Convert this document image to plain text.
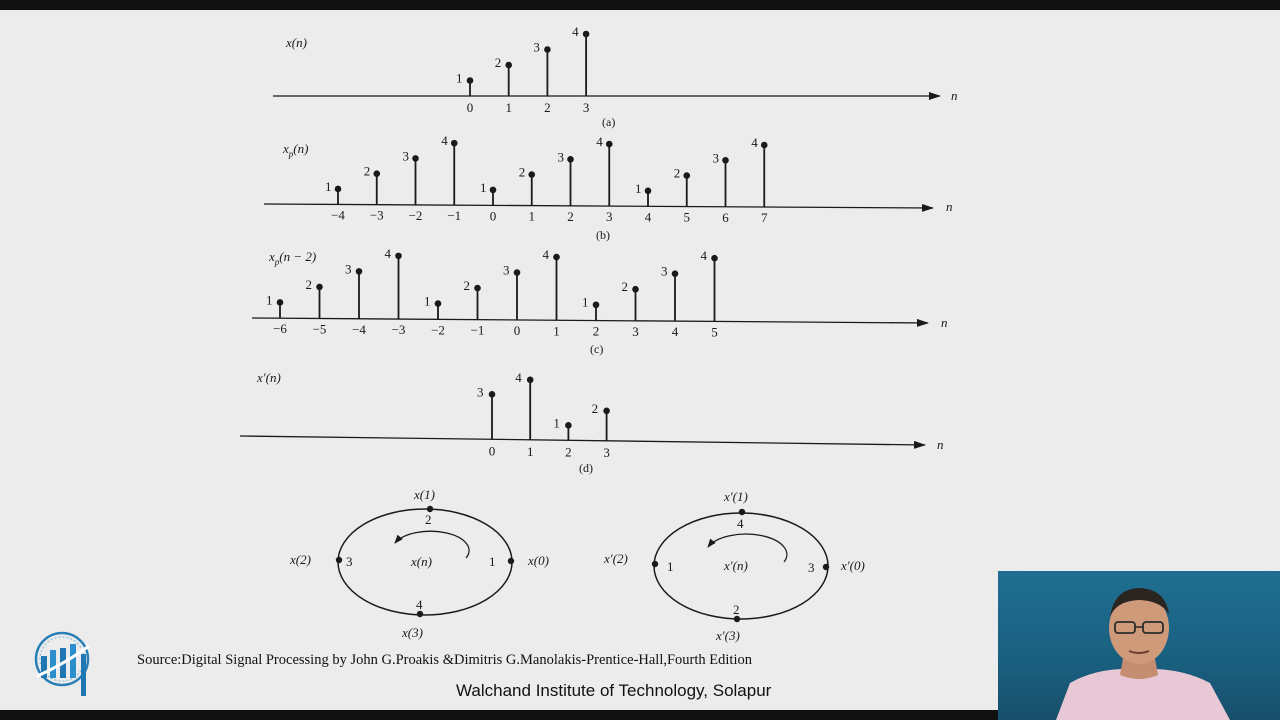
x(n)
n
1
0
2
1
3
2
4
3
(a)
$x_p(n)$
n
1
−4
2
−3
3
−2
4
−1
1
0
2
1
3
2
4
3
1
4
2
5
3
6
4
7
(b)
$x_p(n - 2)$
n
1
−6
2
−5
3
−4
4
−3
1
−2
2
−1
3
0
4
1
1
2
2
3
3
4
4
5
(c)
x′(n)
n
3
0
4
1
1
2
2
3
(d)
x(n)
x(1)
2
x(0)
1
x(3)
4
x(2)	3	x′(n)
x′(1)
4
x′(0)
3
x′(3)
2
x′(2)
1
Source:Digital Signal Processing by John G.Proakis &Dimitris G.Manolakis-Prentice-Hall,Fourth Edition
Walchand Institute of Technology, Solapur
